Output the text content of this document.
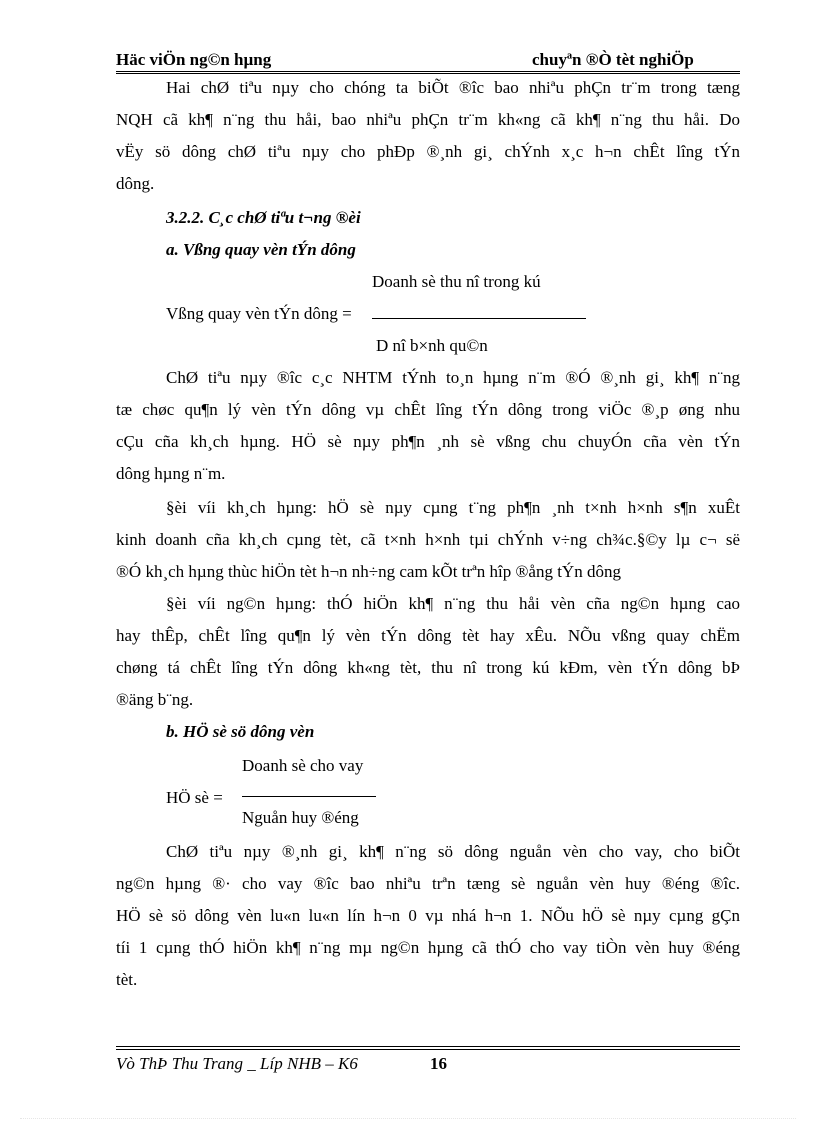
Häc viÖn ng©n hµng	chuyªn ®Ò tèt nghiÖp
Hai chØ tiªu nµy cho chóng ta biÕt ®îc bao nhiªu phÇn tr¨m trong tæng
NQH cã kh¶ n¨ng thu håi, bao nhiªu phÇn tr¨m kh«ng cã kh¶ n¨ng thu håi. Do
vËy sö dông chØ tiªu nµy cho phÐp ®¸nh gi¸ chÝnh x¸c h¬n chÊt lîng tÝn
dông.
3.2.2. C¸c chØ tiªu t¬ng ®èi
a. Vßng quay vèn tÝn dông
Doanh sè thu nî trong kú
Vßng quay vèn tÝn dông =
D nî b×nh qu©n
ChØ tiªu nµy ®îc c¸c NHTM tÝnh to¸n hµng n¨m ®Ó ®¸nh gi¸ kh¶ n¨ng
tæ chøc qu¶n lý vèn tÝn dông vµ chÊt lîng tÝn dông trong viÖc ®¸p øng nhu
cÇu cña kh¸ch hµng. HÖ sè nµy ph¶n ¸nh sè vßng chu chuyÓn cña vèn tÝn
dông hµng n¨m.
§èi víi kh¸ch hµng: hÖ sè nµy cµng t¨ng ph¶n ¸nh t×nh h×nh s¶n xuÊt
kinh doanh cña kh¸ch cµng tèt, cã t×nh h×nh tµi chÝnh v÷ng ch¾c.§©y lµ c¬ së
®Ó kh¸ch hµng thùc hiÖn tèt h¬n nh÷ng cam kÕt trªn hîp ®ång tÝn dông
§èi víi ng©n hµng: thÓ hiÖn kh¶ n¨ng thu håi vèn cña ng©n hµng cao
hay thÊp, chÊt lîng qu¶n lý vèn tÝn dông tèt hay xÊu. NÕu vßng quay chËm
chøng tá chÊt lîng tÝn dông kh«ng tèt, thu nî trong kú kÐm, vèn tÝn dông bÞ
®äng b¨ng.
b. HÖ sè sö dông vèn
Doanh sè cho vay
HÖ sè =
Nguån huy ®éng
ChØ tiªu nµy ®¸nh gi¸ kh¶ n¨ng sö dông nguån vèn cho vay, cho biÕt
ng©n hµng ®· cho vay ®îc bao nhiªu trªn tæng sè nguån vèn huy ®éng ®îc.
HÖ sè sö dông vèn lu«n lu«n lín h¬n 0 vµ nhá h¬n 1. NÕu hÖ sè nµy cµng gÇn
tíi 1 cµng thÓ hiÖn kh¶ n¨ng mµ ng©n hµng cã thÓ cho vay tiÒn vèn huy ®éng
tèt.
Vò ThÞ Thu Trang _ Líp NHB – K6	16
